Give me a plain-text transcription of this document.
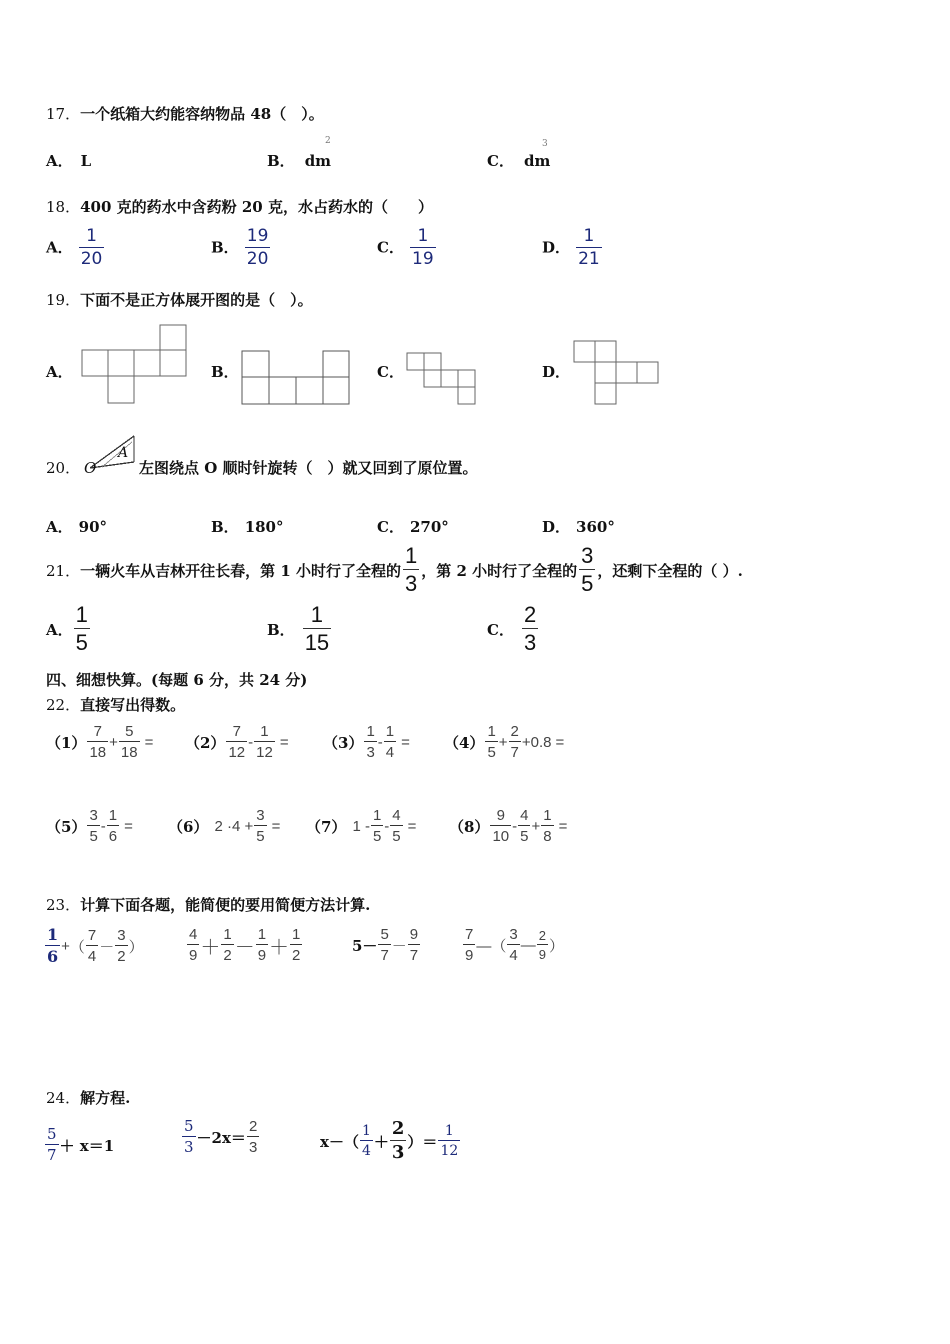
17．一个纸箱大约能容纳物品 48（　）。
A． L	B． dm
2
C． dm
3
18．400 克的药水中含药粉 20 克，水占药水的（　　）
A． $\frac{1}{20}$	B． $\frac{19}{20}$	C． $\frac{1}{19}$	D． $\frac{1}{21}$
19．下面不是正方体展开图的是（　）。
A．	B．	C．	D．
20． O
A
左图绕点 O 顺时针旋转（　）就又回到了原位置。
A． 90°	B． 180°	C． 270°	D． 360°
21． 一辆火车从吉林开往长春，第 1 小时行了全程的 $\frac{1}{3}$ ，第 2 小时行了全程的 $\frac{3}{5}$ ，还剩下全程的（ ）.
A． $\frac{1}{5}$	B． $\frac{1}{15}$	C． $\frac{2}{3}$
四、细想快算。(每题 6 分，共 24 分)
22．直接写出得数。
$(1) \frac{7}{18} + \frac{5}{18} = (2) \frac{7}{12} - \frac{1}{12} = (3) \frac{1}{3} - \frac{1}{4} = (4) \frac{1}{5} + \frac{2}{7} +0.8$ =
$(5) \frac{3}{5} - \frac{1}{6} = (6)$ $2 \cdot 4 + \frac{3}{5} = (7)$ $1 - \frac{1}{5} - \frac{4}{5} = (8) \frac{9}{10} - \frac{4}{5} + \frac{1}{8}$ =
23．计算下面各题，能简便的要用简便方法计算.
$\frac{1}{6}$ + （ $\frac{7}{4} - \frac{3}{2}$ ）	$\frac{4}{9} + \frac{1}{2} - \frac{1}{9} + \frac{1}{2}$	$5- \frac{5}{7} - \frac{9}{7}$	$\frac{7}{9}$ —（ $\frac{3}{4}$ — $\frac{2}{9}$ ）
24．解方程.
$\frac{5}{7} + x=1$	$\frac{5}{3} -2x= \frac{2}{3}$	$x-( \frac{1}{4} + \frac{2}{3}$ ）＝ $\frac{1}{12}$
